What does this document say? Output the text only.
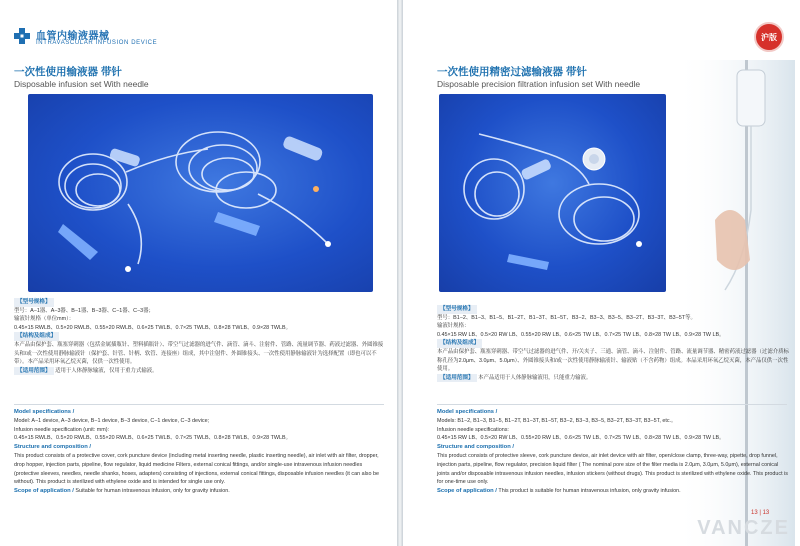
血管内输液器械
INTRAVASCULAR INFUSION DEVICE
一次性使用输液器 带针
Disposable infusion set With needle
【型号规格】
型号：A−1器、A−3器、B−1器、B−3器、C−1器、C−3器；
输液针规格（单位mm）：
0.45×15 RWLB、0.5×20 RWLB、0.55×20 RWLB、0.6×25 TWLB、0.7×25 TWLB、0.8×28 TWLB、0.9×28 TWLB。
【结构及组成】
本产品由保护套、瓶塞穿刺器（包括金属插瓶针、塑料插瓶针）、带空气过滤器的进气件、滴管、滴斗、注射件、管路、流量调节器、药液过滤器、外圆锥接头和/或一次性使用静脉输液针（保护套、针管、针柄、软管、连接座）组成，其中注射件、外圆锥接头、一次性使用静脉输液针为选择配置（即也可以不带）。本产品采用环氧乙烷灭菌，仅供一次性使用。
【适用范围】 适用于人体静脉输液，仅用于重力式输液。
Model specifications /
Model: A−1 device, A−3 device, B−1 device, B−3 device, C−1 device, C−3 device;
Infusion needle specification (unit: mm):
0.45×15 RWLB、0.5×20 RWLB、0.55×20 RWLB、0.6×25 TWLB、0.7×25 TWLB、0.8×28 TWLB、0.9×28 TWLB。
Structure and composition /
This product consists of a protective cover, cork puncture device (including metal inserting needle, plastic inserting needle), air inlet with air filter, dropper, drop hopper, injection parts, pipeline, flow regulator, liquid medicine Filters, external conical fittings, and/or single-use intravenous infusion needles (protective sleeves, needles, needle shanks, hoses, adapters) consisting of injections, external conical fittings, disposable infusion needles (it can also be without). This product is sterilized with ethylene oxide and is intended for single use only.
Scope of application / Suitable for human intravenous infusion, only for gravity infusion.
沪版
一次性使用精密过滤输液器 带针
Disposable precision filtration infusion set With needle
【型号规格】
型号：B1−2、B1−3、B1−5、B1−2T、B1−3T、B1−5T、B3−2、B3−3、B3−5、B3−2T、B3−3T、B3−5T等。
输液针规格：
0.45×15 RW LB、0.5×20 RW LB、0.55×20 RW LB、0.6×25 TW LB、0.7×25 TW LB、0.8×28 TW LB、0.9×28 TW LB。
【结构及组成】
本产品由保护套、瓶塞穿刺器、带空气过滤器的进气件、开/关夹子、三通、滴管、滴斗、注射件、管路、流量调节器、精密药液过滤器（过滤介质标称孔径为2.0μm、3.0μm、5.0μm）、外圆锥接头和/或一次性使用静脉输液针、输液贴（不含药物）组成。本品采用环氧乙烷灭菌，本产品仅供一次性使用。
【适用范围】 本产品适用于人体静脉输液用，只能重力输液。
Model specifications /
Models: B1−2, B1−3, B1−5, B1−2T, B1−3T, B1−5T, B3−2, B3−3, B3−5, B3−2T, B3−3T, B3−5T, etc.。
Infusion needle specifications:
0.45×15 RW LB、0.5×20 RW LB、0.55×20 RW LB、0.6×25 TW LB、0.7×25 TW LB、0.8×28 TW LB、0.9×28 TW LB。
Structure and composition /
This product consists of protective sleeve, cork puncture device, air inlet device with air filter, open/close clamp, three-way, pipette, drop funnel, injection parts, pipeline, flow regulator, precision liquid filter ( The nominal pore size of the filter media is 2.0μm, 3.0μm, 5.0μm), external conical joints and/or disposable intravenous infusion needles, infusion stickers (without drugs). This product is sterilized with ethylene oxide. This product is for one-time use only.
Scope of application / This product is suitable for human intravenous infusion, only gravity infusion.
13 | 13
VANCZE
